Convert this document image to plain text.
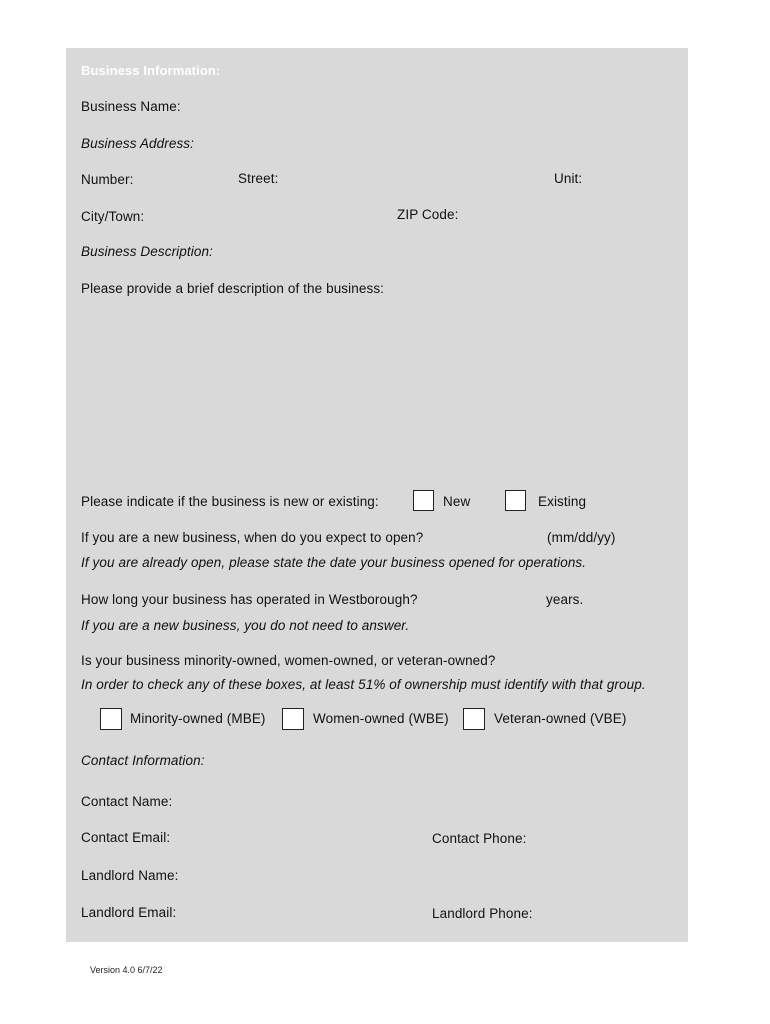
Business Information:
Business Name:
Business Address:
Number:	Street:	Unit:
City/Town:	ZIP Code:
Business Description:
Please provide a brief description of the business:
Please indicate if the business is new or existing:	New	Existing
If you are a new business, when do you expect to open?	(mm/dd/yy)
If you are already open, please state the date your business opened for operations.
How long your business has operated in Westborough?	years.
If you are a new business, you do not need to answer.
Is your business minority-owned, women-owned, or veteran-owned?
In order to check any of these boxes, at least 51% of ownership must identify with that group.
Minority-owned (MBE)	Women-owned (WBE)	Veteran-owned (VBE)
Contact Information:
Contact Name:
Contact Email:	Contact Phone:
Landlord Name:
Landlord Email:	Landlord Phone:
Version 4.0 6/7/22
